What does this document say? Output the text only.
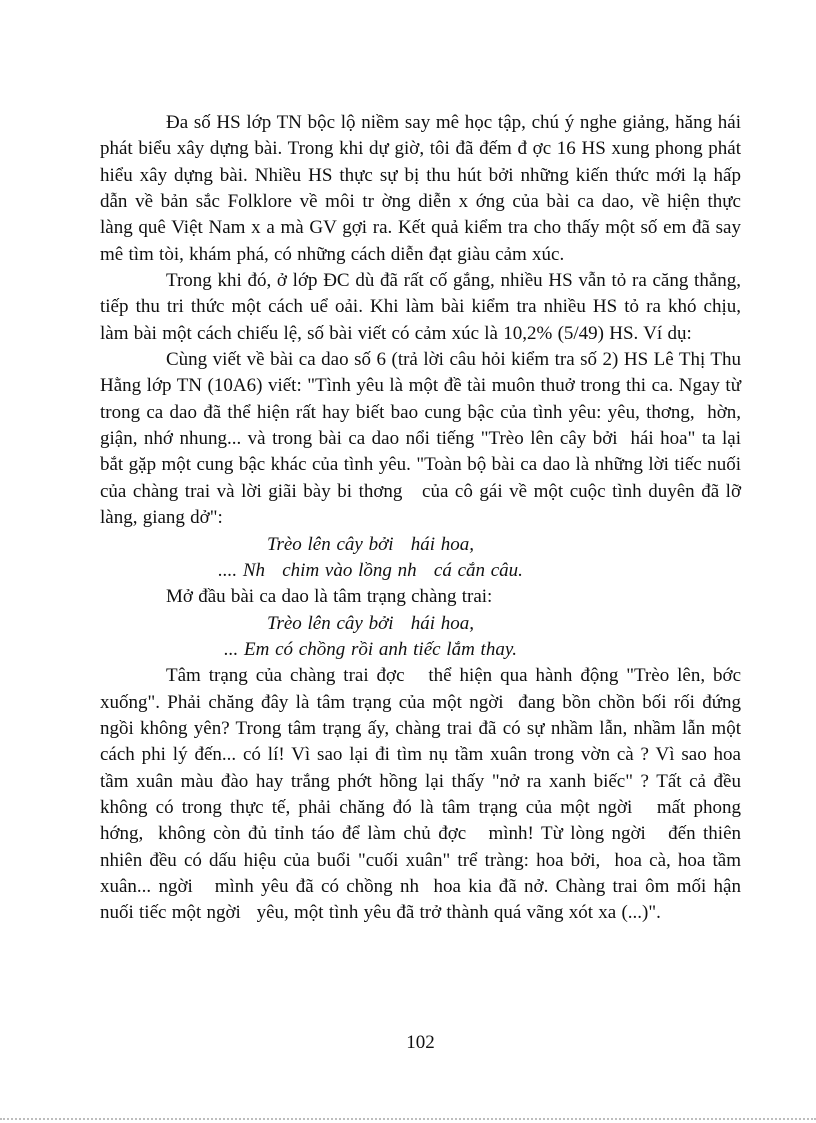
Đa số HS lớp TN bộc lộ niềm say mê học tập, chú ý nghe giảng, hăng hái phát biểu xây dựng bài. Trong khi dự giờ, tôi đã đếm đ ợc 16 HS xung phong phát hiểu xây dựng bài. Nhiều HS thực sự bị thu hút bởi những kiến thức mới lạ hấp dẫn về bản sắc Folklore về môi tr ờng diễn x ớng của bài ca dao, về hiện thực  làng quê Việt Nam x a mà GV gợi ra. Kết quả kiểm tra cho thấy một số em đã say mê tìm tòi, khám phá, có những cách diễn đạt giàu cảm xúc.

Trong khi đó, ở lớp ĐC dù đã rất cố gắng, nhiều HS vẫn tỏ ra căng thẳng, tiếp thu tri thức một cách uể oải. Khi làm bài kiểm tra nhiều HS tỏ ra khó chịu, làm bài một cách chiếu lệ, số bài viết có cảm xúc là 10,2% (5/49) HS. Ví dụ:

Cùng viết về bài ca dao số 6 (trả lời câu hỏi kiểm tra số 2) HS Lê Thị Thu Hằng lớp TN (10A6) viết: "Tình yêu là một đề tài muôn thuở trong thi ca. Ngay từ trong ca dao đã thể hiện rất hay biết bao cung bậc của tình yêu: yêu, thơng,  hờn, giận, nhớ nhung... và trong bài ca dao nổi tiếng "Trèo lên cây bởi  hái hoa" ta lại bắt gặp một cung bậc khác của tình yêu. "Toàn bộ bài ca dao là những lời tiếc nuối của chàng trai và lời giãi bày bi thơng   của cô gái về một cuộc tình duyên đã lỡ làng, giang dở":

Trèo lên cây bởi   hái hoa,

.... Nh   chim vào lồng nh   cá cắn câu.

Mở đầu bài ca dao là tâm trạng chàng trai:

Trèo lên cây bởi   hái hoa,

... Em có chồng rồi anh tiếc lắm thay.

Tâm trạng của chàng trai đợc   thể hiện qua hành động "Trèo lên, bớc xuống". Phải chăng đây là tâm trạng của một ngời  đang bồn chồn bối rối đứng ngồi không yên? Trong tâm trạng ấy, chàng trai đã có sự nhầm lẫn, nhầm lẫn một cách phi lý đến... có lí! Vì sao lại đi tìm nụ tầm xuân trong vờn cà ? Vì sao hoa tầm xuân màu đào hay trắng phớt hồng lại thấy "nở ra xanh biếc" ? Tất cả đều không có trong thực tế, phải chăng đó là tâm trạng của một ngời   mất phong  hớng,  không còn đủ tỉnh táo để làm chủ đợc   mình! Từ lòng ngời   đến thiên nhiên đều có dấu hiệu của buổi "cuối xuân" trể tràng: hoa bởi,  hoa cà, hoa tầm xuân... ngời   mình yêu đã có chồng nh  hoa kia đã nở. Chàng trai ôm mối hận nuối tiếc một ngời   yêu, một tình yêu đã trở thành quá vãng xót xa (...)".

102
